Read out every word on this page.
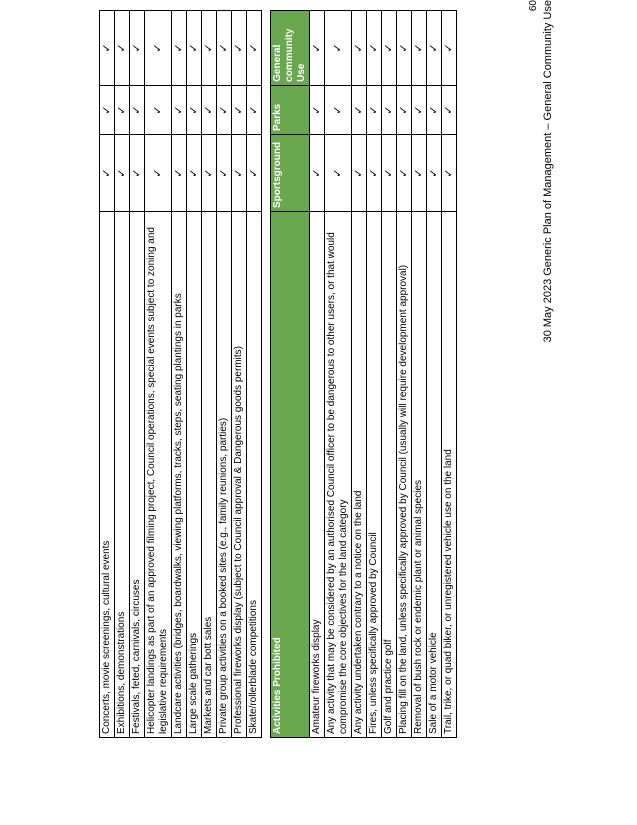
Concerts, movie screenings, cultural events	✓	✓	✓
Exhibitions, demonstrations	✓	✓	✓
Festivals, feted, carnivals, circuses	✓	✓	✓
Helicopter landings as part of an approved filming project, Council operations, special events subject to zoning and legislative requirements	✓	✓	✓
Landcare activities (bridges, boardwalks, viewing platforms, tracks, steps, seating plantings in parks	✓	✓	✓
Large scale gatherings	✓	✓	✓
Markets and car bott sales	✓	✓	✓
Private group activities on a booked sites (e.g., family reunions, parties)	✓	✓	✓
Professional fireworks display (subject to Council approval & Dangerous goods permits)	✓	✓	✓
Skate/rollerblade competitions	✓	✓	✓
Activities Prohibited	Sportsground	Parks	General community Use
Amateur fireworks display	✓	✓	✓
Any activity that may be considered by an authorised Council officer to be dangerous to other users, or that would compromise the core objectives for the land category	✓	✓	✓
Any activity undertaken contrary to a notice on the land	✓	✓	✓
Fires, unless specifically approved by Council	✓	✓	✓
Golf and practice golf	✓	✓	✓
Placing fill on the land, unless specifically approved by Council (usually will require development approval)	✓	✓	✓
Removal of bush rock or endemic plant or animal species	✓	✓	✓
Sale of a motor vehicle	✓	✓	✓
Trail, trike, or quad biker, or unregistered vehicle use on the land	✓	✓	✓	30 May 2023 Generic Plan of Management – General Community Use
60
